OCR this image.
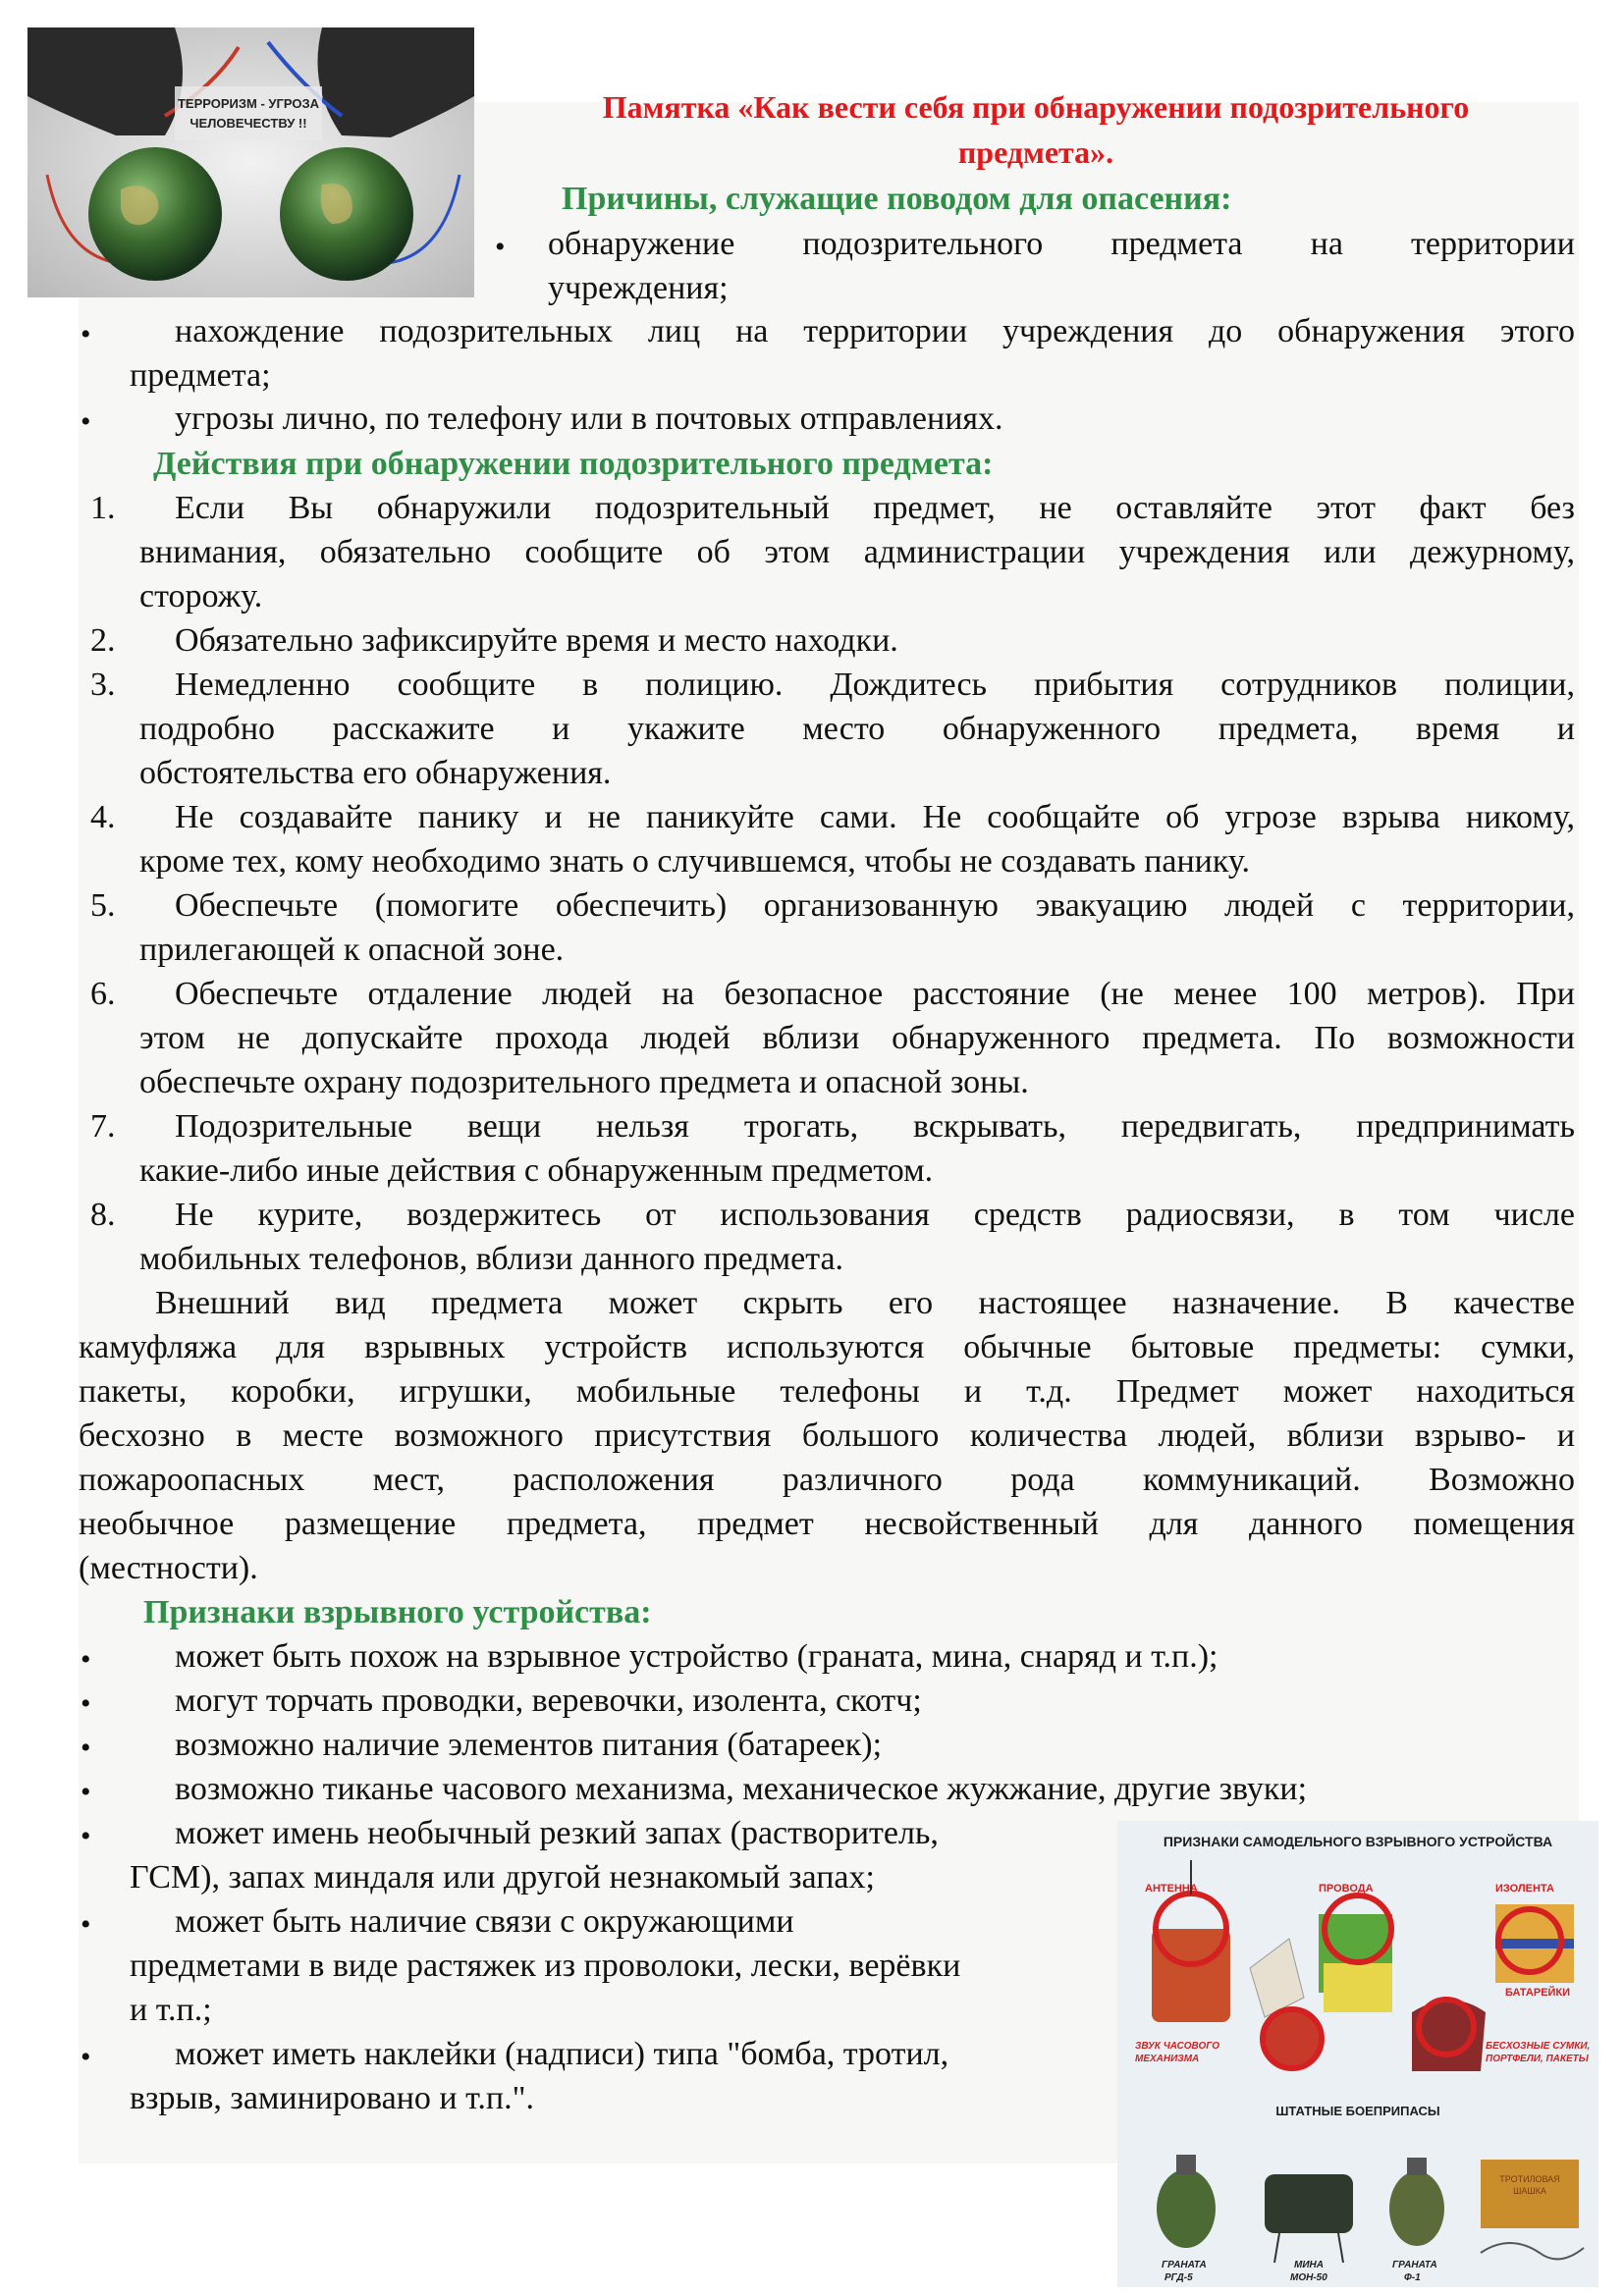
ТЕРРОРИЗМ - УГРОЗА
ЧЕЛОВЕЧЕСТВУ !!	Памятка «Как вести себя при обнаружении подозрительного
предмета».
Причины, служащие поводом для опасения:
• обнаружение подозрительного предмета на территории
учреждения;
•	нахождение подозрительных лиц на территории учреждения до обнаружения этого
предмета;
•	угрозы лично, по телефону или в почтовых отправлениях.
Действия при обнаружении подозрительного предмета:
1. Если Вы обнаружили подозрительный предмет, не оставляйте этот факт без
внимания, обязательно сообщите об этом администрации учреждения или дежурному,
сторожу.
2. Обязательно зафиксируйте время и место находки.
3. Немедленно сообщите в полицию. Дождитесь прибытия сотрудников полиции,
подробно расскажите и укажите место обнаруженного предмета, время и
обстоятельства его обнаружения.
4. Не создавайте панику и не паникуйте сами. Не сообщайте об угрозе взрыва никому,
кроме тех, кому необходимо знать о случившемся, чтобы не создавать панику.
5. Обеспечьте (помогите обеспечить) организованную эвакуацию людей с территории,
прилегающей к опасной зоне.
6. Обеспечьте отдаление людей на безопасное расстояние (не менее 100 метров). При
этом не допускайте прохода людей вблизи обнаруженного предмета. По возможности
обеспечьте охрану подозрительного предмета и опасной зоны.
7. Подозрительные вещи нельзя трогать, вскрывать, передвигать, предпринимать
какие-либо иные действия с обнаруженным предметом.
8. Не курите, воздержитесь от использования средств радиосвязи, в том числе
мобильных телефонов, вблизи данного предмета.
Внешний вид предмета может скрыть его настоящее назначение. В качестве
камуфляжа для взрывных устройств используются обычные бытовые предметы: сумки,
пакеты, коробки, игрушки, мобильные телефоны и т.д. Предмет может находиться
бесхозно в месте возможного присутствия большого количества людей, вблизи взрыво- и
пожароопасных мест, расположения различного рода коммуникаций. Возможно
необычное размещение предмета, предмет несвойственный для данного помещения
(местности).
Признаки взрывного устройства:
•	может быть похож на взрывное устройство (граната, мина, снаряд и т.п.);
•	могут торчать проводки, веревочки, изолента, скотч;
•	возможно наличие элементов питания (батареек);
•	возможно тиканье часового механизма, механическое жужжание, другие звуки;
•	может имень необычный резкий запах (растворитель,
ГСМ), запах миндаля или другой незнакомый запах;
•	может быть наличие связи с окружающими
предметами в виде растяжек из проволоки, лески, верёвки
и т.п.;
•	может иметь наклейки (надписи) типа "бомба, тротил,
взрыв, заминировано и т.п.".
ПРИЗНАКИ САМОДЕЛЬНОГО ВЗРЫВНОГО УСТРОЙСТВА
АНТЕННА	ПРОВОДА	ИЗОЛЕНТА
БАТАРЕЙКИ
ЗВУК ЧАСОВОГО
МЕХАНИЗМА
БЕСХОЗНЫЕ СУМКИ,
ПОРТФЕЛИ, ПАКЕТЫ
ШТАТНЫЕ БОЕПРИПАСЫ
ТРОТИЛОВАЯ
ШАШКА
ГРАНАТА
РГД-5
МИНА
МОН-50
ГРАНАТА
Ф-1
